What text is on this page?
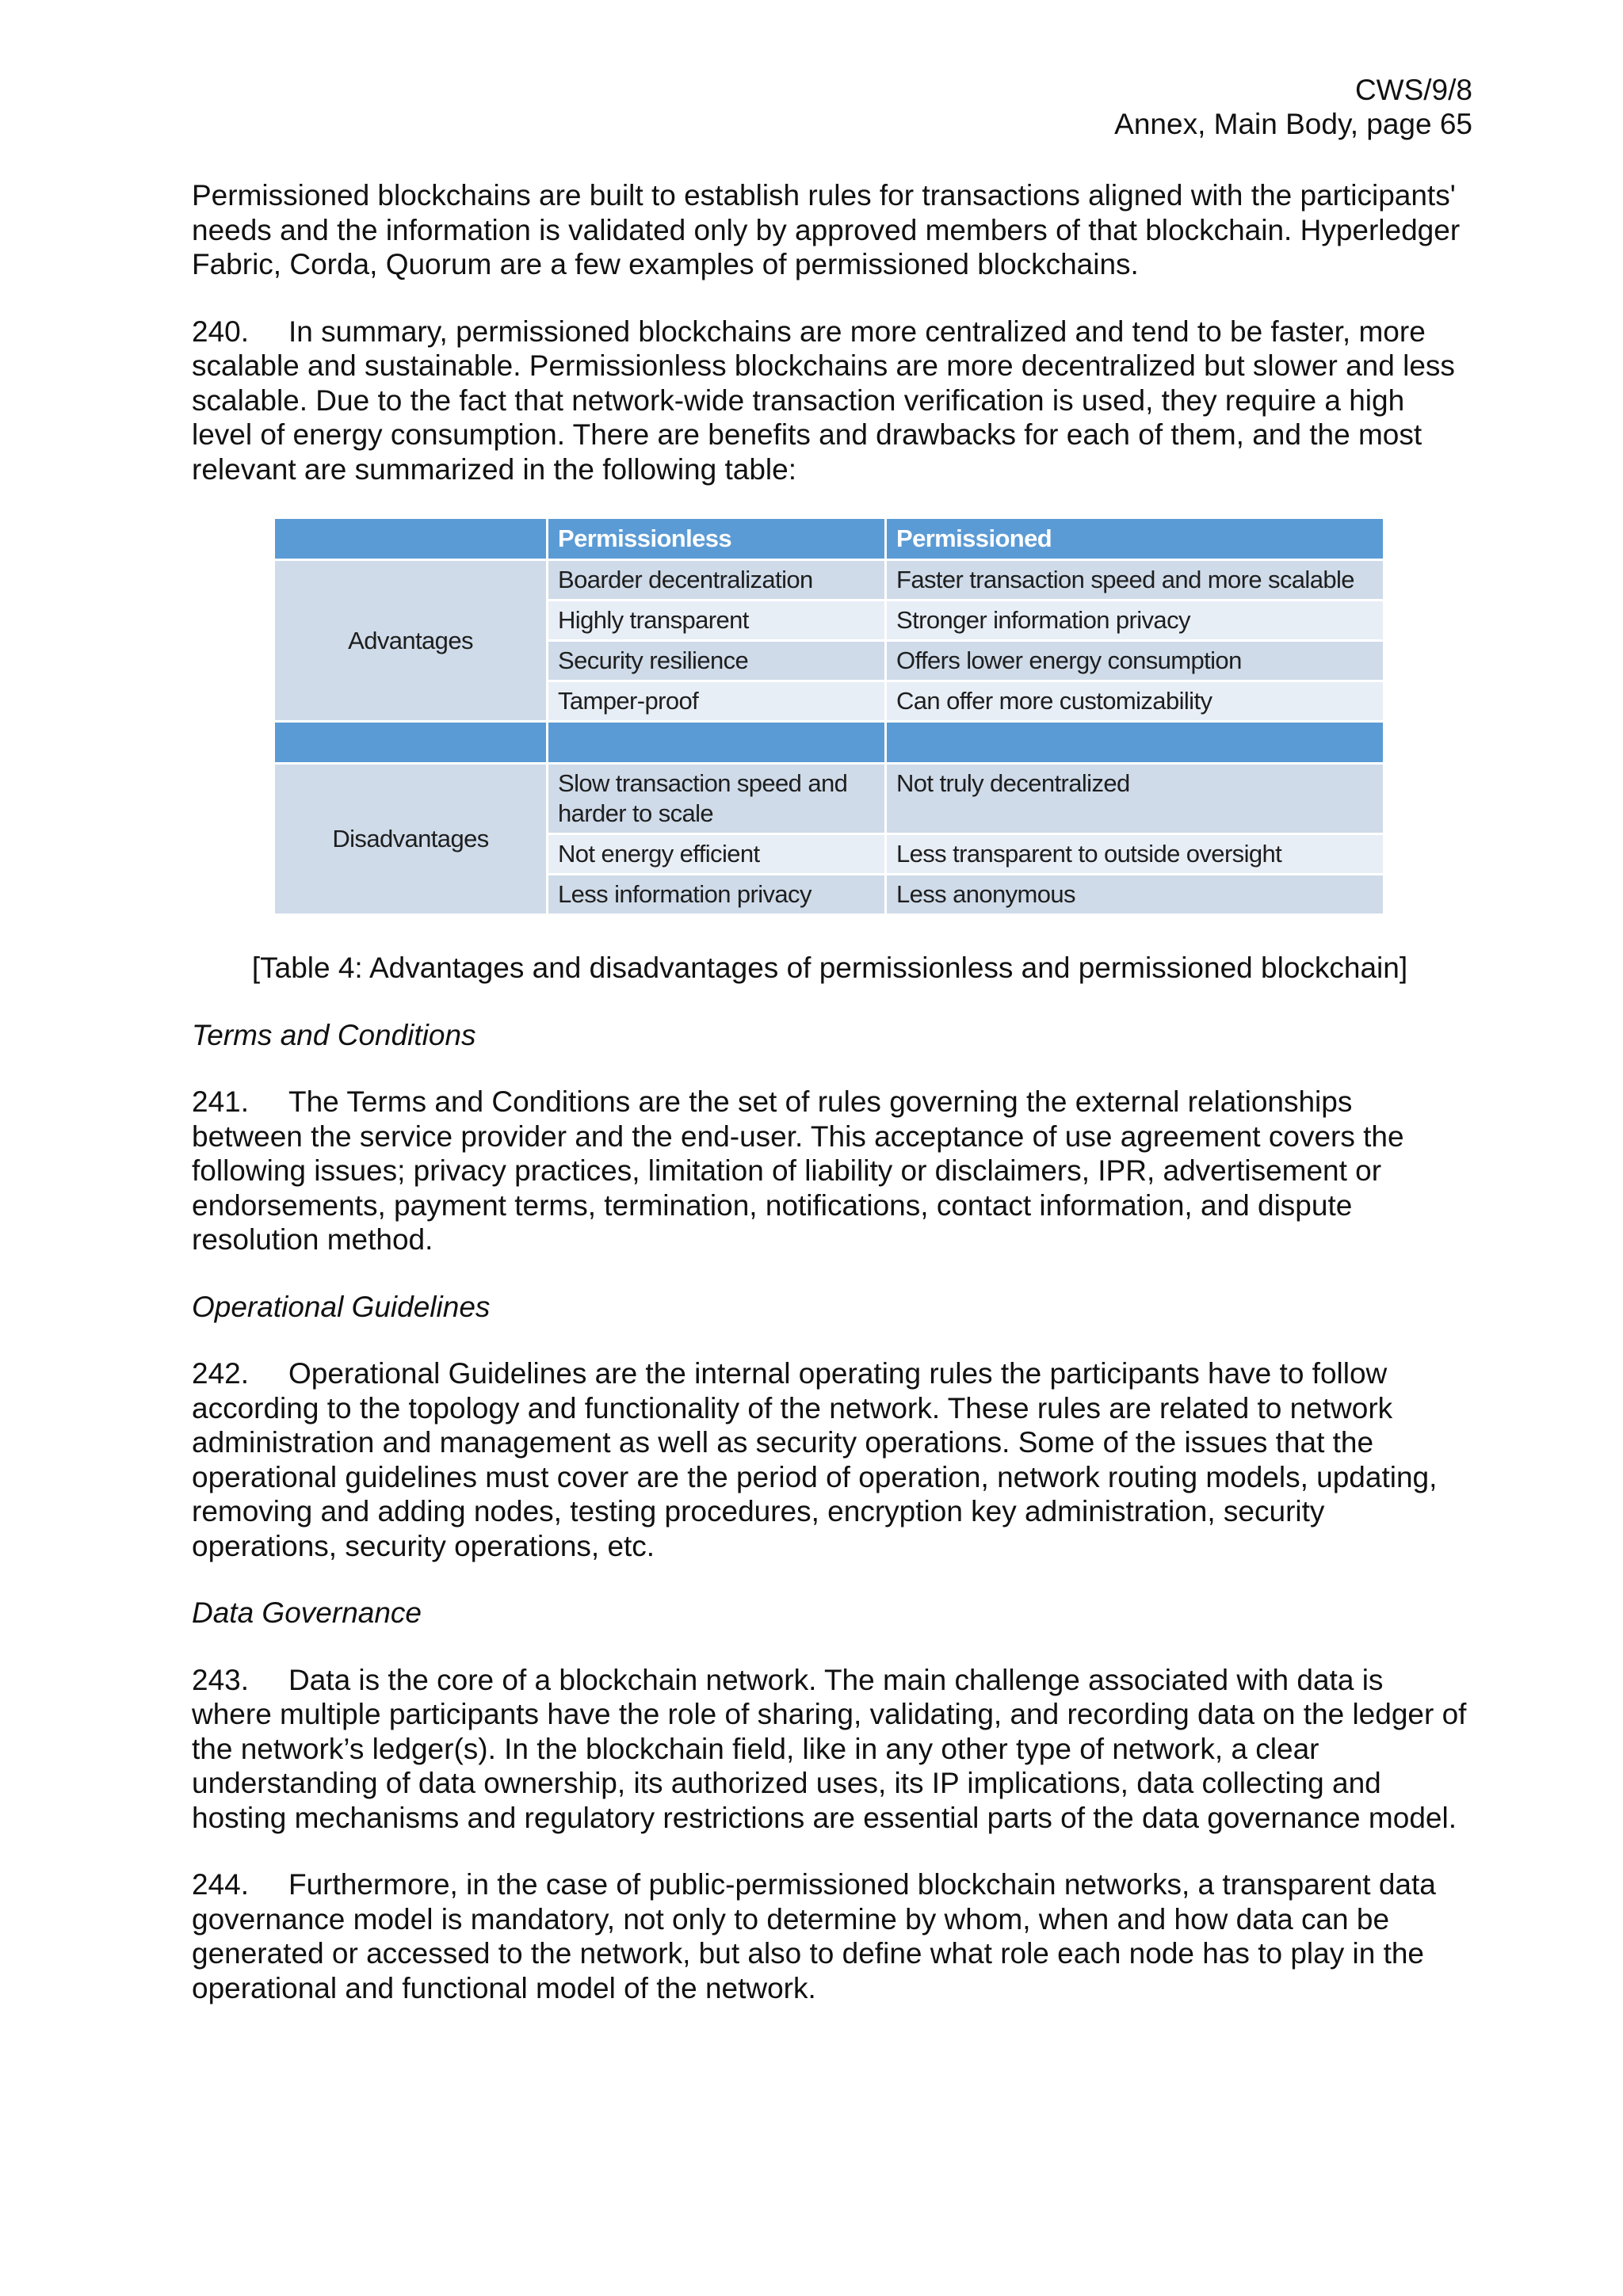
CWS/9/8
Annex, Main Body, page 65

Permissioned blockchains are built to establish rules for transactions aligned with the participants' needs and the information is validated only by approved members of that blockchain. Hyperledger Fabric, Corda, Quorum are a few examples of permissioned blockchains.

240. In summary, permissioned blockchains are more centralized and tend to be faster, more scalable and sustainable. Permissionless blockchains are more decentralized but slower and less scalable. Due to the fact that network-wide transaction verification is used, they require a high level of energy consumption. There are benefits and drawbacks for each of them, and the most relevant are summarized in the following table:

	Permissionless	Permissioned
Advantages	Boarder decentralization	Faster transaction speed and more scalable
	Highly transparent	Stronger information privacy
	Security resilience	Offers lower energy consumption
	Tamper-proof	Can offer more customizability

Disadvantages	Slow transaction speed and harder to scale	Not truly decentralized
	Not energy efficient	Less transparent to outside oversight
	Less information privacy	Less anonymous

[Table 4: Advantages and disadvantages of permissionless and permissioned blockchain]

Terms and Conditions

241. The Terms and Conditions are the set of rules governing the external relationships between the service provider and the end-user. This acceptance of use agreement covers the following issues; privacy practices, limitation of liability or disclaimers, IPR, advertisement or endorsements, payment terms, termination, notifications, contact information, and dispute resolution method.

Operational Guidelines

242. Operational Guidelines are the internal operating rules the participants have to follow according to the topology and functionality of the network. These rules are related to network administration and management as well as security operations. Some of the issues that the operational guidelines must cover are the period of operation, network routing models, updating, removing and adding nodes, testing procedures, encryption key administration, security operations, security operations, etc.

Data Governance

243. Data is the core of a blockchain network. The main challenge associated with data is where multiple participants have the role of sharing, validating, and recording data on the ledger of the network’s ledger(s). In the blockchain field, like in any other type of network, a clear understanding of data ownership, its authorized uses, its IP implications, data collecting and hosting mechanisms and regulatory restrictions are essential parts of the data governance model.

244. Furthermore, in the case of public-permissioned blockchain networks, a transparent data governance model is mandatory, not only to determine by whom, when and how data can be generated or accessed to the network, but also to define what role each node has to play in the operational and functional model of the network.
